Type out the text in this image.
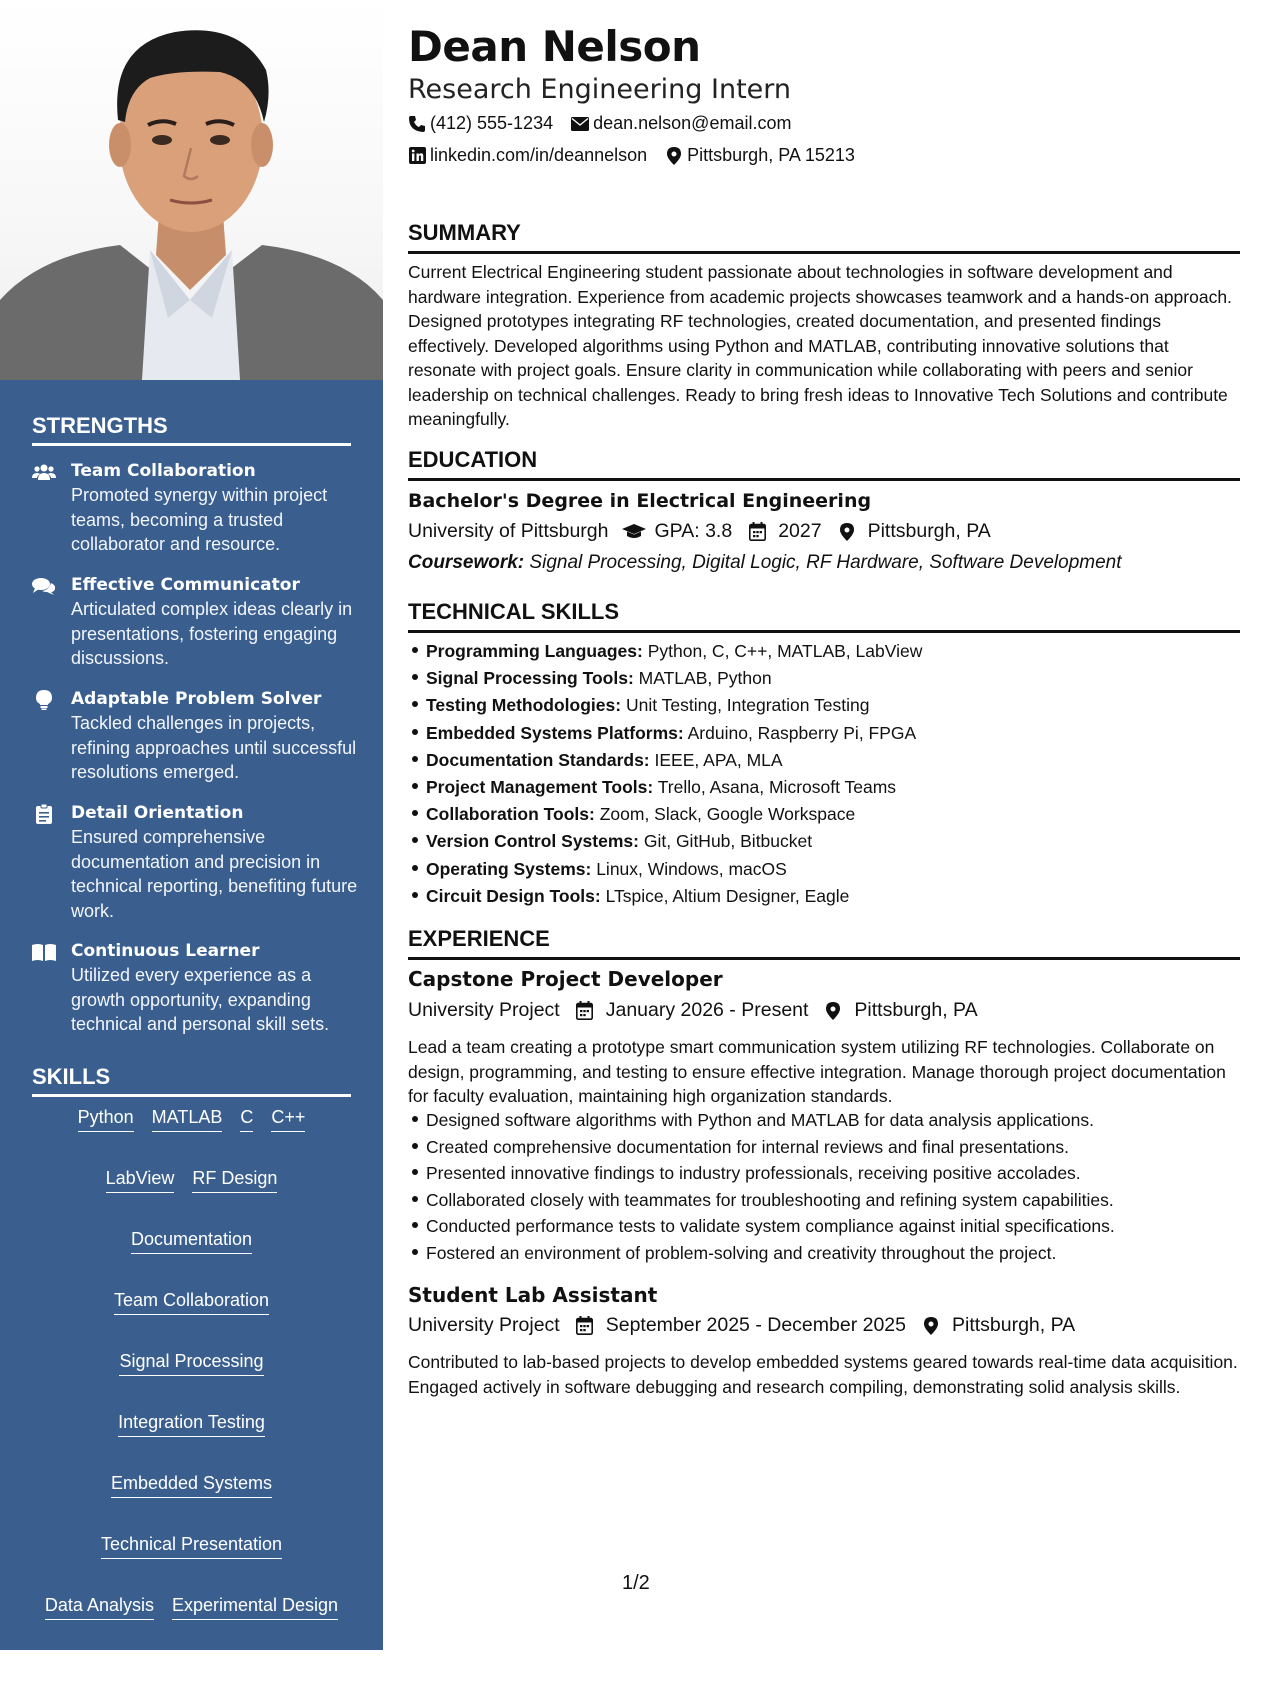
STRENGTHS
Team Collaboration
Promoted synergy within project teams, becoming a trusted collaborator and resource.
Effective Communicator
Articulated complex ideas clearly in presentations, fostering engaging discussions.
Adaptable Problem Solver
Tackled challenges in projects, refining approaches until successful resolutions emerged.
Detail Orientation
Ensured comprehensive documentation and precision in technical reporting, benefiting future work.
Continuous Learner
Utilized every experience as a growth opportunity, expanding technical and personal skill sets.
SKILLS
Python MATLAB C C++
LabView RF Design
Documentation
Team Collaboration
Signal Processing
Integration Testing
Embedded Systems
Technical Presentation
Data Analysis Experimental Design
Communication Skills
Dean Nelson
Research Engineering Intern
(412) 555-1234 dean.nelson@email.com
linkedin.com/in/deannelson Pittsburgh, PA 15213
SUMMARY
Current Electrical Engineering student passionate about technologies in software development and hardware integration. Experience from academic projects showcases teamwork and a hands-on approach. Designed prototypes integrating RF technologies, created documentation, and presented findings effectively. Developed algorithms using Python and MATLAB, contributing innovative solutions that resonate with project goals. Ensure clarity in communication while collaborating with peers and senior leadership on technical challenges. Ready to bring fresh ideas to Innovative Tech Solutions and contribute meaningfully.
EDUCATION
Bachelor's Degree in Electrical Engineering
University of Pittsburgh GPA: 3.8 2027 Pittsburgh, PA
Coursework: Signal Processing, Digital Logic, RF Hardware, Software Development
TECHNICAL SKILLS
Programming Languages: Python, C, C++, MATLAB, LabView
Signal Processing Tools: MATLAB, Python
Testing Methodologies: Unit Testing, Integration Testing
Embedded Systems Platforms: Arduino, Raspberry Pi, FPGA
Documentation Standards: IEEE, APA, MLA
Project Management Tools: Trello, Asana, Microsoft Teams
Collaboration Tools: Zoom, Slack, Google Workspace
Version Control Systems: Git, GitHub, Bitbucket
Operating Systems: Linux, Windows, macOS
Circuit Design Tools: LTspice, Altium Designer, Eagle
EXPERIENCE
Capstone Project Developer
University Project January 2026 - Present Pittsburgh, PA
Lead a team creating a prototype smart communication system utilizing RF technologies. Collaborate on design, programming, and testing to ensure effective integration. Manage thorough project documentation for faculty evaluation, maintaining high organization standards.
Designed software algorithms with Python and MATLAB for data analysis applications.
Created comprehensive documentation for internal reviews and final presentations.
Presented innovative findings to industry professionals, receiving positive accolades.
Collaborated closely with teammates for troubleshooting and refining system capabilities.
Conducted performance tests to validate system compliance against initial specifications.
Fostered an environment of problem-solving and creativity throughout the project.
Student Lab Assistant
University Project September 2025 - December 2025 Pittsburgh, PA
Contributed to lab-based projects to develop embedded systems geared towards real-time data acquisition. Engaged actively in software debugging and research compiling, demonstrating solid analysis skills.
1/2
